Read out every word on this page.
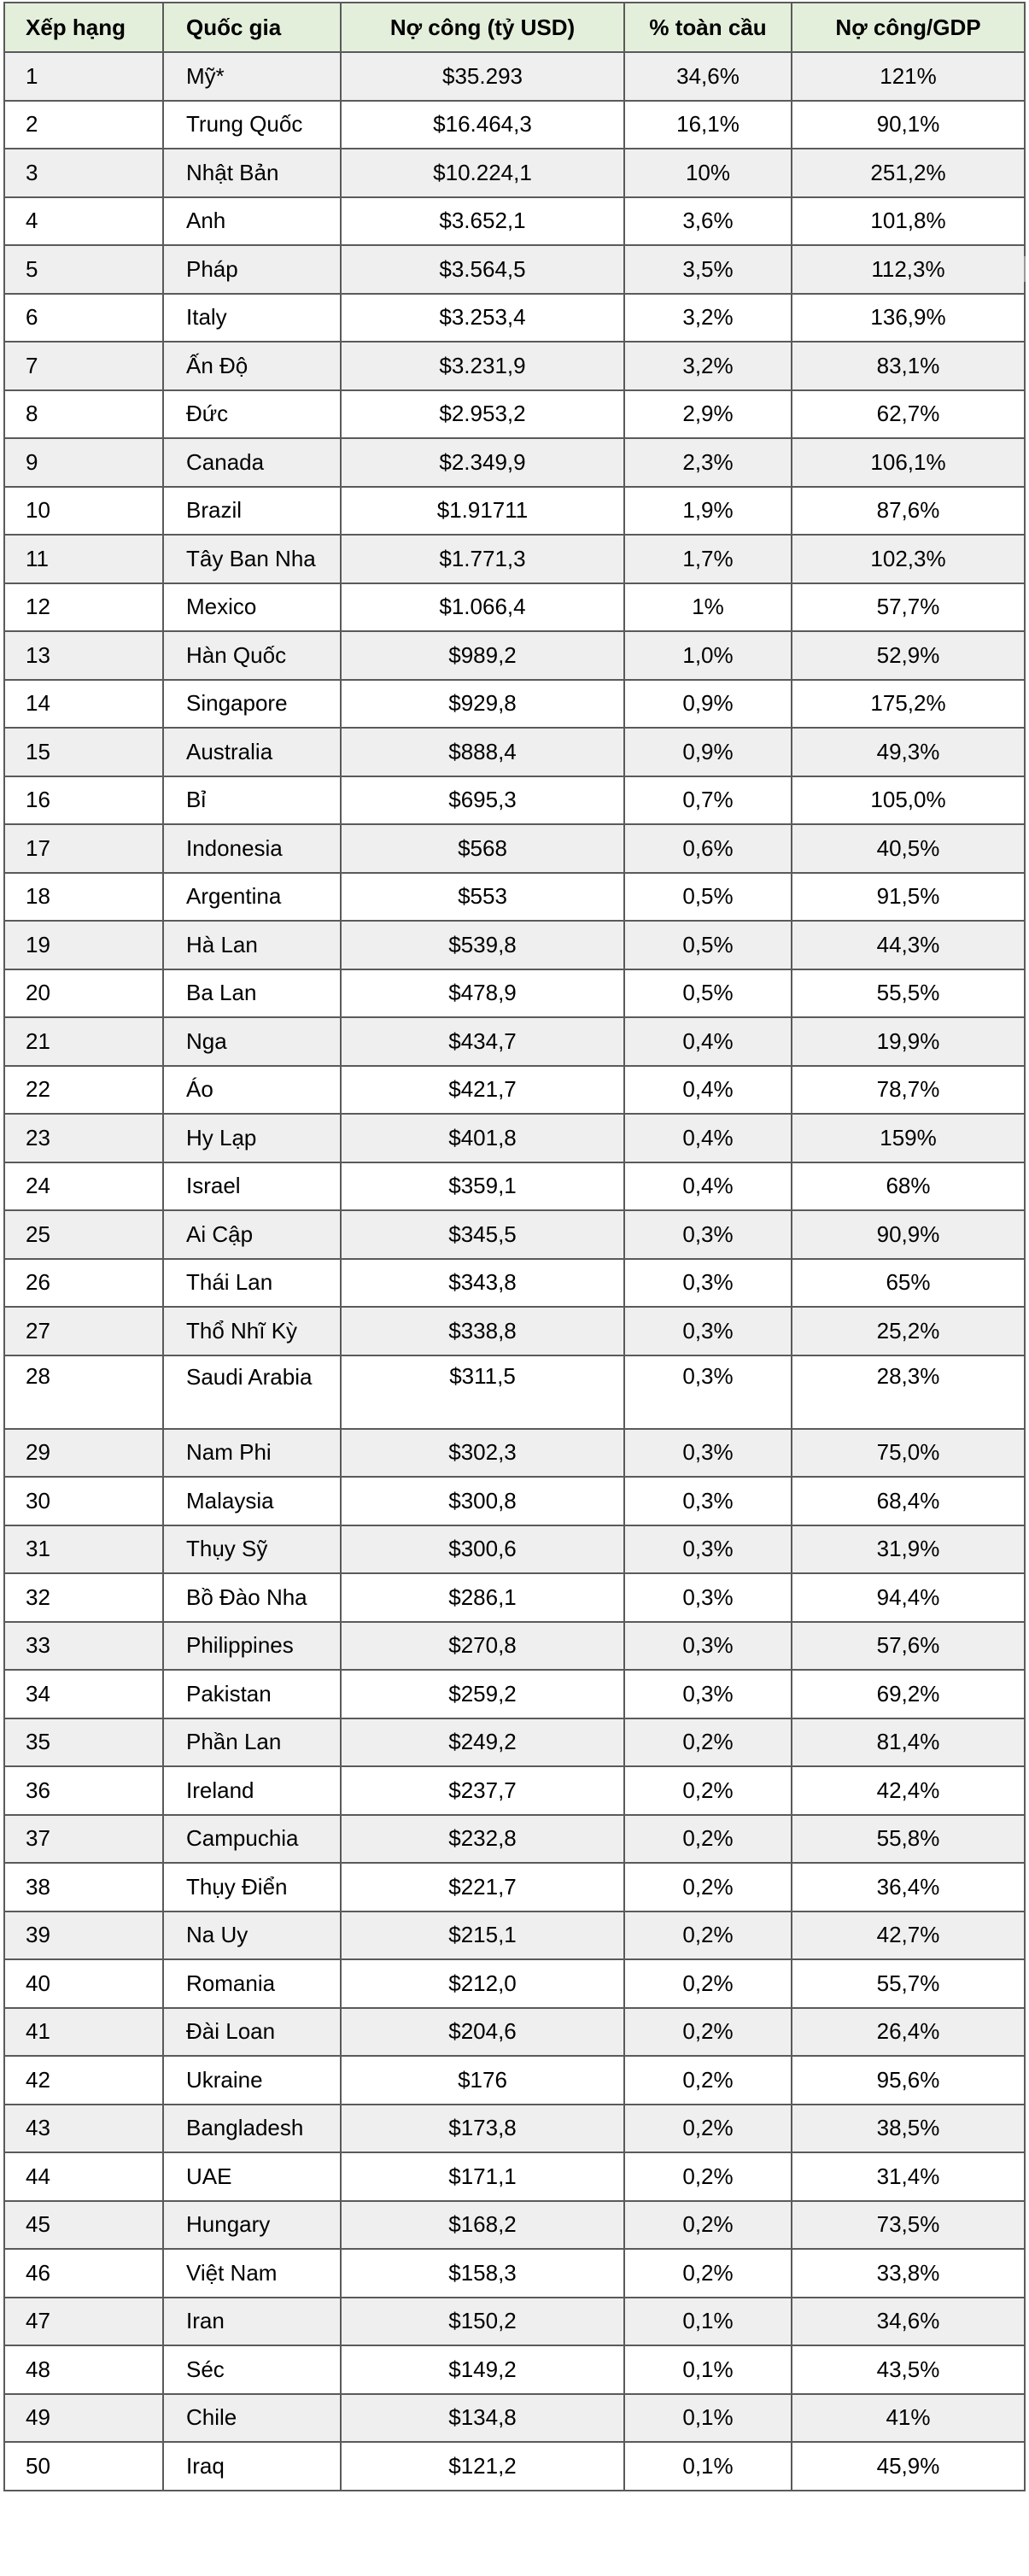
Xếp hạng	Quốc gia	Nợ công (tỷ USD)	% toàn cầu	Nợ công/GDP
1	Mỹ*	$35.293	34,6%	121%
2	Trung Quốc	$16.464,3	16,1%	90,1%
3	Nhật Bản	$10.224,1	10%	251,2%
4	Anh	$3.652,1	3,6%	101,8%
5	Pháp	$3.564,5	3,5%	112,3%
6	Italy	$3.253,4	3,2%	136,9%
7	Ấn Độ	$3.231,9	3,2%	83,1%
8	Đức	$2.953,2	2,9%	62,7%
9	Canada	$2.349,9	2,3%	106,1%
10	Brazil	$1.91711	1,9%	87,6%
11	Tây Ban Nha	$1.771,3	1,7%	102,3%
12	Mexico	$1.066,4	1%	57,7%
13	Hàn Quốc	$989,2	1,0%	52,9%
14	Singapore	$929,8	0,9%	175,2%
15	Australia	$888,4	0,9%	49,3%
16	Bỉ	$695,3	0,7%	105,0%
17	Indonesia	$568	0,6%	40,5%
18	Argentina	$553	0,5%	91,5%
19	Hà Lan	$539,8	0,5%	44,3%
20	Ba Lan	$478,9	0,5%	55,5%
21	Nga	$434,7	0,4%	19,9%
22	Áo	$421,7	0,4%	78,7%
23	Hy Lạp	$401,8	0,4%	159%
24	Israel	$359,1	0,4%	68%
25	Ai Cập	$345,5	0,3%	90,9%
26	Thái Lan	$343,8	0,3%	65%
27	Thổ Nhĩ Kỳ	$338,8	0,3%	25,2%
28	Saudi Arabia	$311,5	0,3%	28,3%
29	Nam Phi	$302,3	0,3%	75,0%
30	Malaysia	$300,8	0,3%	68,4%
31	Thụy Sỹ	$300,6	0,3%	31,9%
32	Bồ Đào Nha	$286,1	0,3%	94,4%
33	Philippines	$270,8	0,3%	57,6%
34	Pakistan	$259,2	0,3%	69,2%
35	Phần Lan	$249,2	0,2%	81,4%
36	Ireland	$237,7	0,2%	42,4%
37	Campuchia	$232,8	0,2%	55,8%
38	Thụy Điển	$221,7	0,2%	36,4%
39	Na Uy	$215,1	0,2%	42,7%
40	Romania	$212,0	0,2%	55,7%
41	Đài Loan	$204,6	0,2%	26,4%
42	Ukraine	$176	0,2%	95,6%
43	Bangladesh	$173,8	0,2%	38,5%
44	UAE	$171,1	0,2%	31,4%
45	Hungary	$168,2	0,2%	73,5%
46	Việt Nam	$158,3	0,2%	33,8%
47	Iran	$150,2	0,1%	34,6%
48	Séc	$149,2	0,1%	43,5%
49	Chile	$134,8	0,1%	41%
50	Iraq	$121,2	0,1%	45,9%
